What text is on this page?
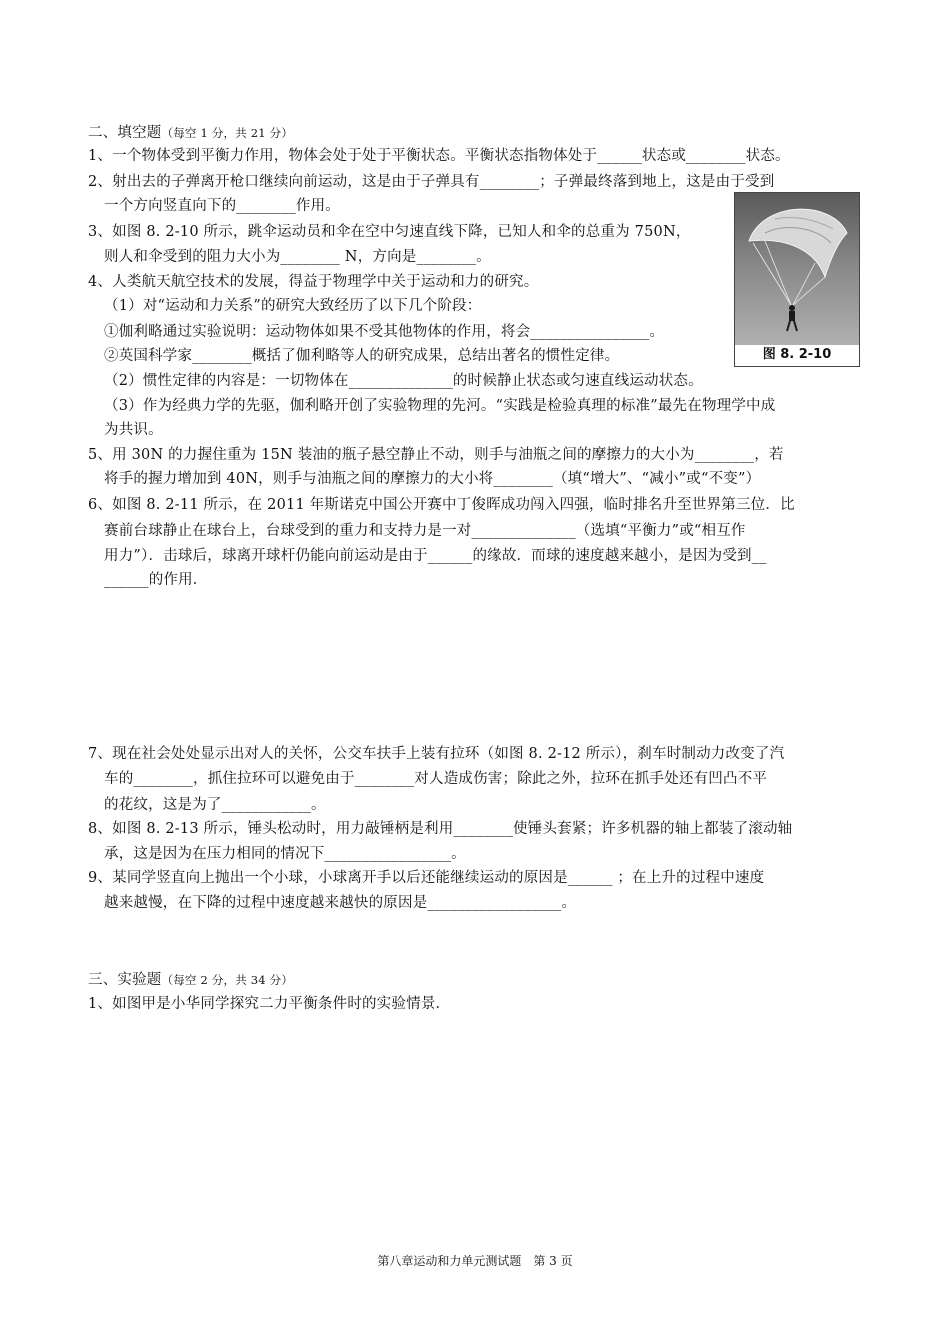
二、填空题（每空 1 分，共 21 分）
1、一个物体受到平衡力作用，物体会处于处于平衡状态。平衡状态指物体处于______状态或________状态。
2、射出去的子弹离开枪口继续向前运动，这是由于子弹具有________；子弹最终落到地上，这是由于受到
一个方向竖直向下的________作用。
3、如图 8. 2-10 所示，跳伞运动员和伞在空中匀速直线下降，已知人和伞的总重为 750N，
则人和伞受到的阻力大小为________ N，方向是________。
4、人类航天航空技术的发展，得益于物理学中关于运动和力的研究。
（1）对“运动和力关系”的研究大致经历了以下几个阶段：
①伽利略通过实验说明：运动物体如果不受其他物体的作用，将会________________。
②英国科学家________概括了伽利略等人的研究成果，总结出著名的惯性定律。
（2）惯性定律的内容是：一切物体在______________的时候静止状态或匀速直线运动状态。
（3）作为经典力学的先驱，伽利略开创了实验物理的先河。“实践是检验真理的标准”最先在物理学中成
为共识。
5、用 30N 的力握住重为 15N 装油的瓶子悬空静止不动，则手与油瓶之间的摩擦力的大小为________，若
将手的握力增加到 40N，则手与油瓶之间的摩擦力的大小将________（填“增大”、“减小”或“不变”）
6、如图 8. 2-11 所示，在 2011 年斯诺克中国公开赛中丁俊晖成功闯入四强，临时排名升至世界第三位．比
赛前台球静止在球台上，台球受到的重力和支持力是一对______________（选填“平衡力”或“相互作
用力”）．击球后，球离开球杆仍能向前运动是由于______的缘故．而球的速度越来越小，是因为受到__
______的作用．
7、现在社会处处显示出对人的关怀，公交车扶手上装有拉环（如图 8. 2-12 所示），刹车时制动力改变了汽
车的________，抓住拉环可以避免由于________对人造成伤害；除此之外，拉环在抓手处还有凹凸不平
的花纹，这是为了____________。
8、如图 8. 2-13 所示，锤头松动时，用力敲锤柄是利用________使锤头套紧；许多机器的轴上都装了滚动轴
承，这是因为在压力相同的情况下_________________。
9、某同学竖直向上抛出一个小球，小球离开手以后还能继续运动的原因是______ ；在上升的过程中速度
越来越慢，在下降的过程中速度越来越快的原因是__________________。
三、实验题（每空 2 分，共 34 分）
1、如图甲是小华同学探究二力平衡条件时的实验情景．
图 8. 2-10
第八章运动和力单元测试题　第 3 页
